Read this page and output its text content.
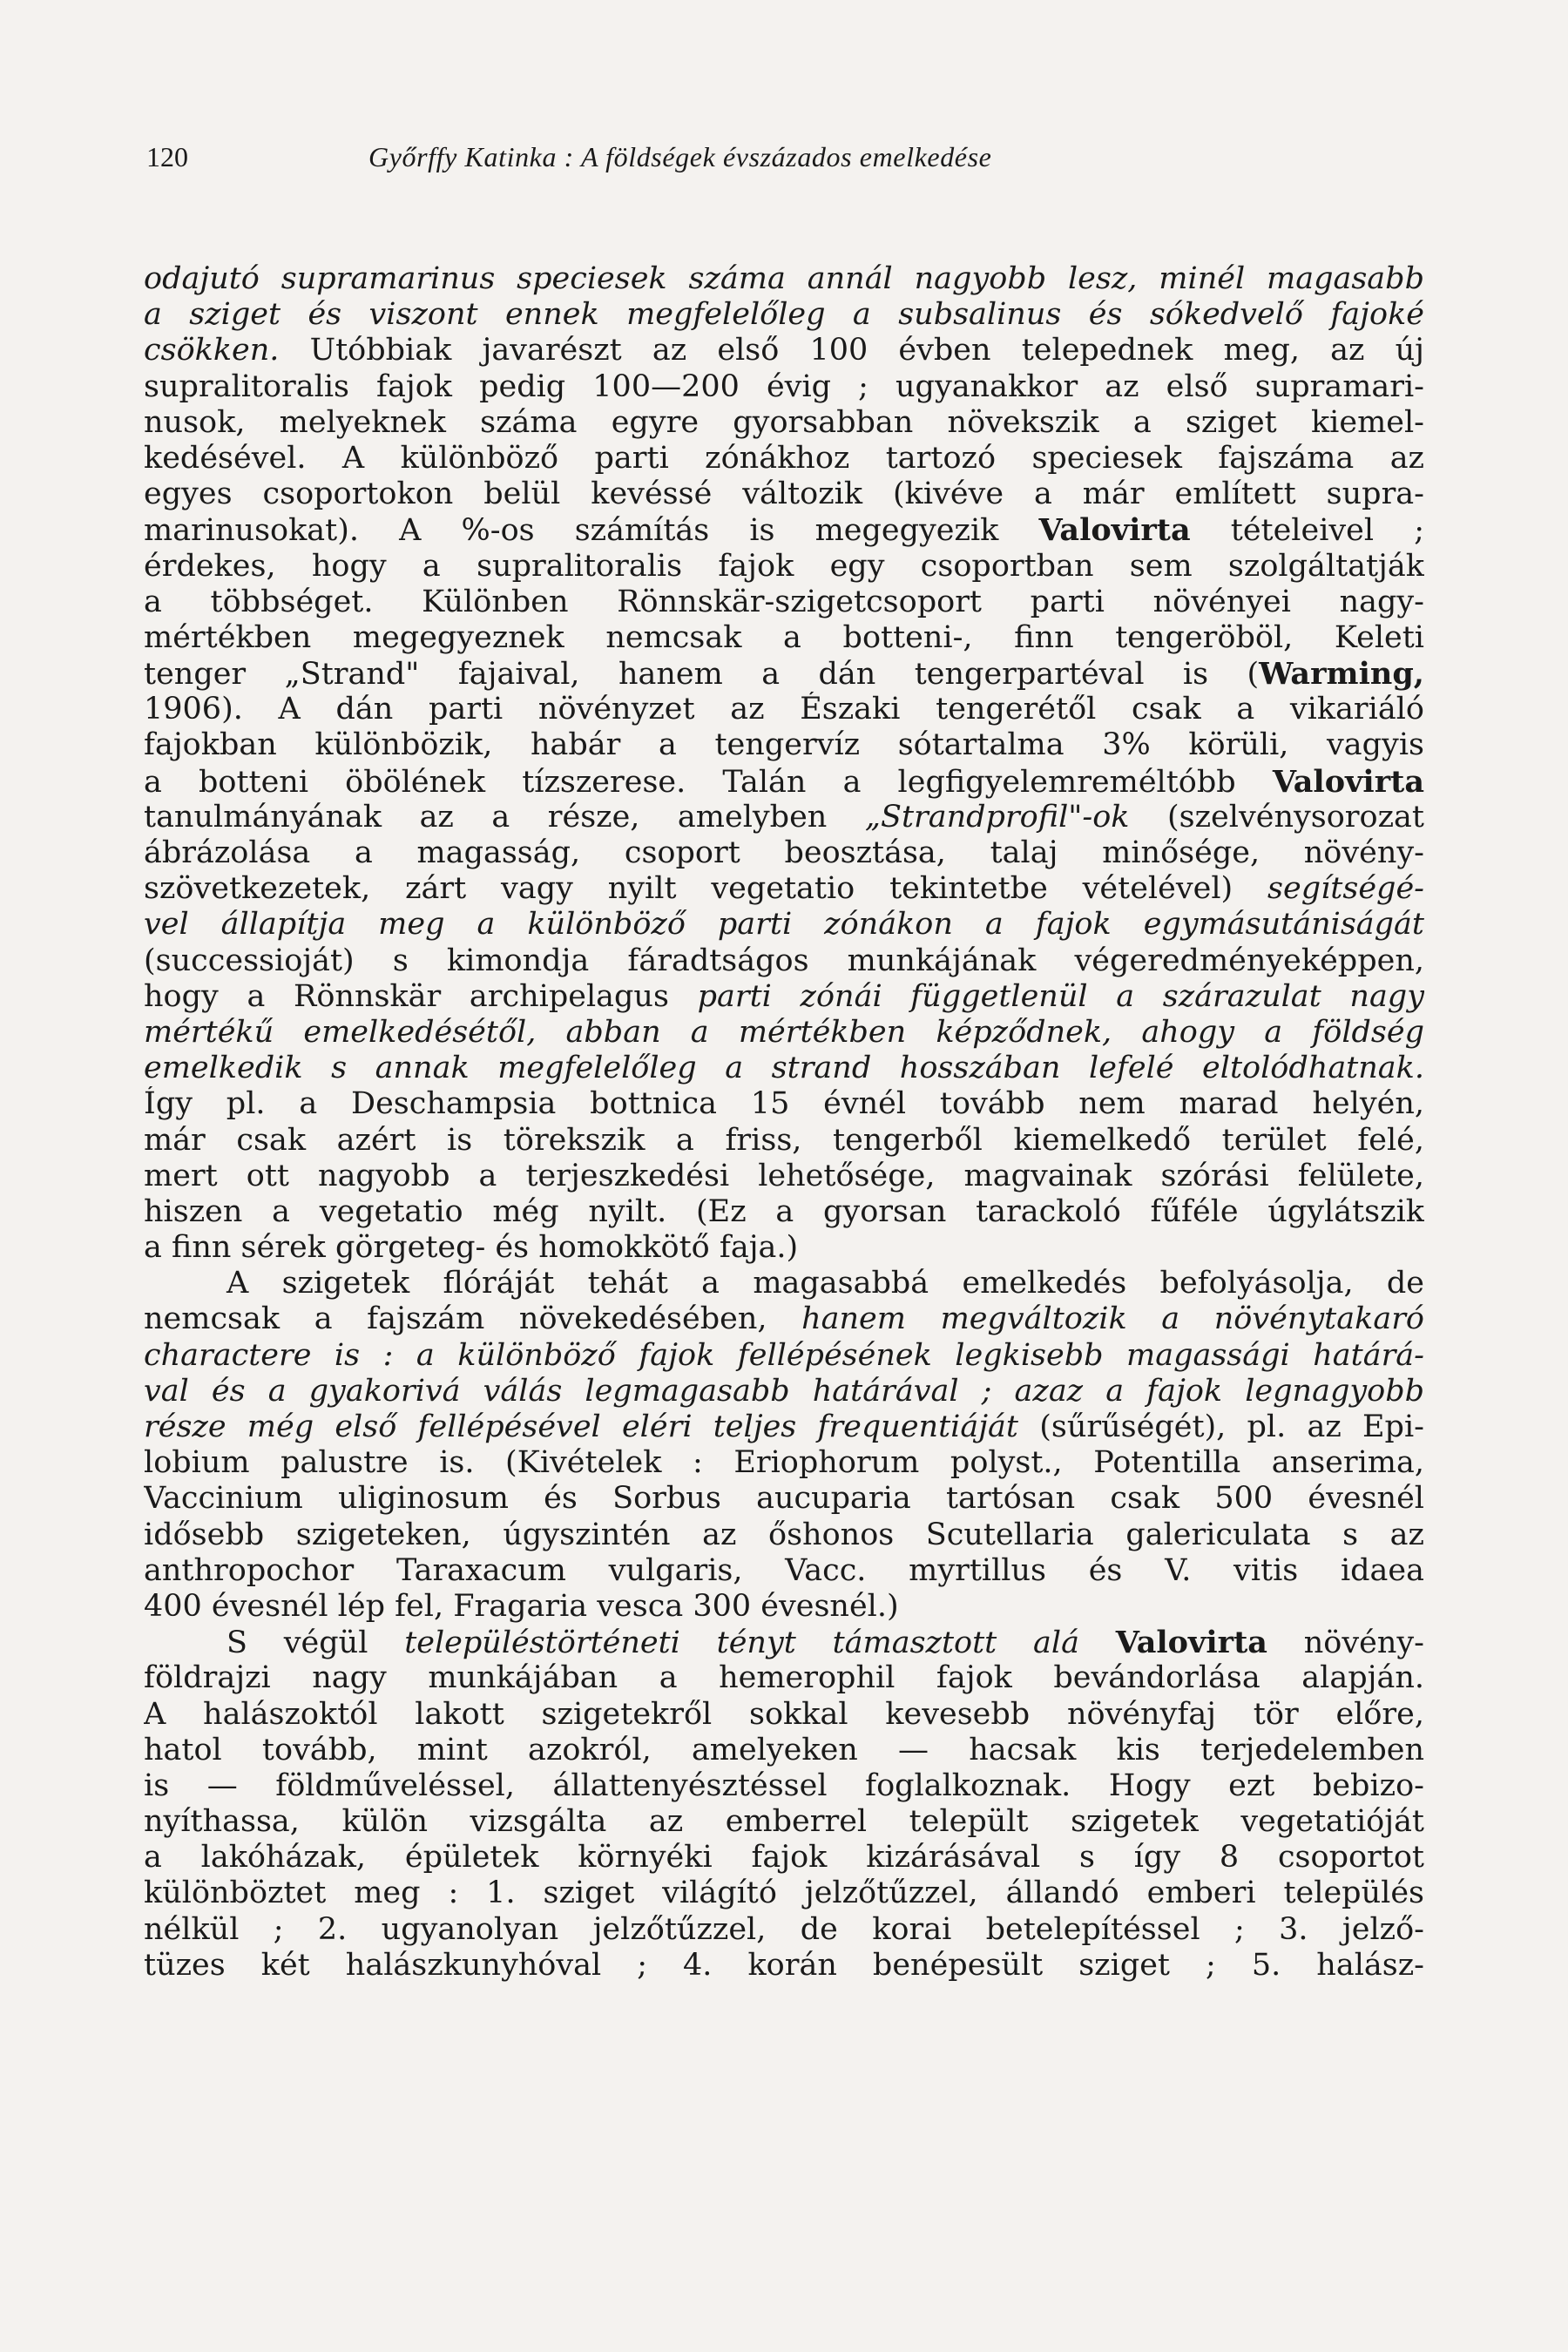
120	Győrffy Katinka : A földségek évszázados emelkedése
odajutó supramarinus speciesek száma annál nagyobb lesz, minél magasabb
a sziget és viszont ennek megfelelőleg a subsalinus és sókedvelő fajoké
csökken. Utóbbiak javarészt az első 100 évben telepednek meg, az új
supralitoralis fajok pedig 100—200 évig ; ugyanakkor az első supramari-
nusok, melyeknek száma egyre gyorsabban növekszik a sziget kiemel-
kedésével. A különböző parti zónákhoz tartozó speciesek fajszáma az
egyes csoportokon belül kevéssé változik (kivéve a már említett supra-
marinusokat). A %-os számítás is megegyezik Valovirta tételeivel ;
érdekes, hogy a supralitoralis fajok egy csoportban sem szolgáltatják
a többséget. Különben Rönnskär-szigetcsoport parti növényei nagy-
mértékben megegyeznek nemcsak a botteni-, finn tengeröböl, Keleti
tenger „Strand" fajaival, hanem a dán tengerpartéval is (Warming,
1906). A dán parti növényzet az Északi tengerétől csak a vikariáló
fajokban különbözik, habár a tengervíz sótartalma 3% körüli, vagyis
a botteni öbölének tízszerese. Talán a legfigyelemreméltóbb Valovirta
tanulmányának az a része, amelyben „Strandprofil"-ok (szelvénysorozat
ábrázolása a magasság, csoport beosztása, talaj minősége, növény-
szövetkezetek, zárt vagy nyilt vegetatio tekintetbe vételével) segítségé-
vel állapítja meg a különböző parti zónákon a fajok egymásutániságát
(successioját) s kimondja fáradtságos munkájának végeredményeképpen,
hogy a Rönnskär archipelagus parti zónái függetlenül a szárazulat nagy
mértékű emelkedésétől, abban a mértékben képződnek, ahogy a földség
emelkedik s annak megfelelőleg a strand hosszában lefelé eltolódhatnak.
Így pl. a Deschampsia bottnica 15 évnél tovább nem marad helyén,
már csak azért is törekszik a friss, tengerből kiemelkedő terület felé,
mert ott nagyobb a terjeszkedési lehetősége, magvainak szórási felülete,
hiszen a vegetatio még nyilt. (Ez a gyorsan tarackoló fűféle úgylátszik
a finn sérek görgeteg- és homokkötő faja.)
A szigetek flóráját tehát a magasabbá emelkedés befolyásolja, de
nemcsak a fajszám növekedésében, hanem megváltozik a növénytakaró
charactere is : a különböző fajok fellépésének legkisebb magassági határá-
val és a gyakorivá válás legmagasabb határával ; azaz a fajok legnagyobb
része még első fellépésével eléri teljes frequentiáját (sűrűségét), pl. az Epi-
lobium palustre is. (Kivételek : Eriophorum polyst., Potentilla anserima,
Vaccinium uliginosum és Sorbus aucuparia tartósan csak 500 évesnél
idősebb szigeteken, úgyszintén az őshonos Scutellaria galericulata s az
anthropochor Taraxacum vulgaris, Vacc. myrtillus és V. vitis idaea
400 évesnél lép fel, Fragaria vesca 300 évesnél.)
S végül településtörténeti tényt támasztott alá Valovirta növény-
földrajzi nagy munkájában a hemerophil fajok bevándorlása alapján.
A halászoktól lakott szigetekről sokkal kevesebb növényfaj tör előre,
hatol tovább, mint azokról, amelyeken — hacsak kis terjedelemben
is — földműveléssel, állattenyésztéssel foglalkoznak. Hogy ezt bebizo-
nyíthassa, külön vizsgálta az emberrel települt szigetek vegetatióját
a lakóházak, épületek környéki fajok kizárásával s így 8 csoportot
különböztet meg : 1. sziget világító jelzőtűzzel, állandó emberi település
nélkül ; 2. ugyanolyan jelzőtűzzel, de korai betelepítéssel ; 3. jelző-
tüzes két halászkunyhóval ; 4. korán benépesült sziget ; 5. halász-
